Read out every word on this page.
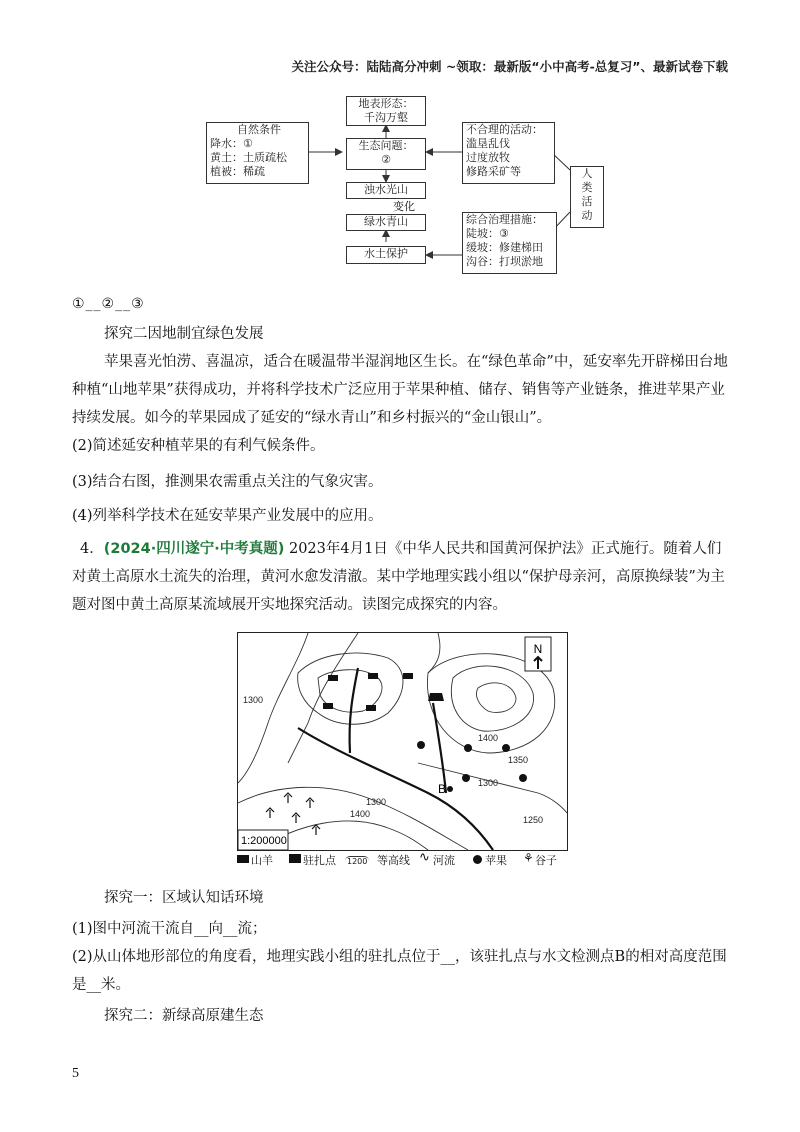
关注公众号：陆陆高分冲刺 ~领取：最新版“小中高考-总复习”、最新试卷下载
地表形态：
千沟万壑
自然条件
降水：①
黄土：土质疏松
植被：稀疏
生态问题：
②
浊水光山
变化
绿水青山
水土保护
不合理的活动：
滥垦乱伐
过度放牧
修路采矿等	人
类
活
动
综合治理措施：
陡坡：③
缓坡：修建梯田
沟谷：打坝淤地
①__②__③
探究二因地制宜绿色发展
苹果喜光怕涝、喜温凉，适合在暖温带半湿润地区生长。在“绿色革命”中，延安率先开辟梯田台地种植“山地苹果”获得成功，并将科学技术广泛应用于苹果种植、储存、销售等产业链条，推进苹果产业持续发展。如今的苹果园成了延安的“绿水青山”和乡村振兴的“金山银山”。
(2)简述延安种植苹果的有利气候条件。
(3)结合右图，推测果农需重点关注的气象灾害。
(4)列举科学技术在延安苹果产业发展中的应用。
4．(2024·四川遂宁·中考真题) 2023年4月1日《中华人民共和国黄河保护法》正式施行。随着人们对黄土高原水土流失的治理，黄河水愈发清澈。某中学地理实践小组以“保护母亲河，高原换绿装”为主题对图中黄土高原某流域展开实地探究活动。读图完成探究的内容。
N
1:200000
B
1300
1400
1350
1300
1250
1300
1400
山羊	驻扎点 1200 等高线 ∿ 河流	苹果 ⚘ 谷子
探究一：区域认知话环境
(1)图中河流干流自__向__流；
(2)从山体地形部位的角度看，地理实践小组的驻扎点位于__，该驻扎点与水文检测点B的相对高度范围是__米。
探究二：新绿高原建生态
5
